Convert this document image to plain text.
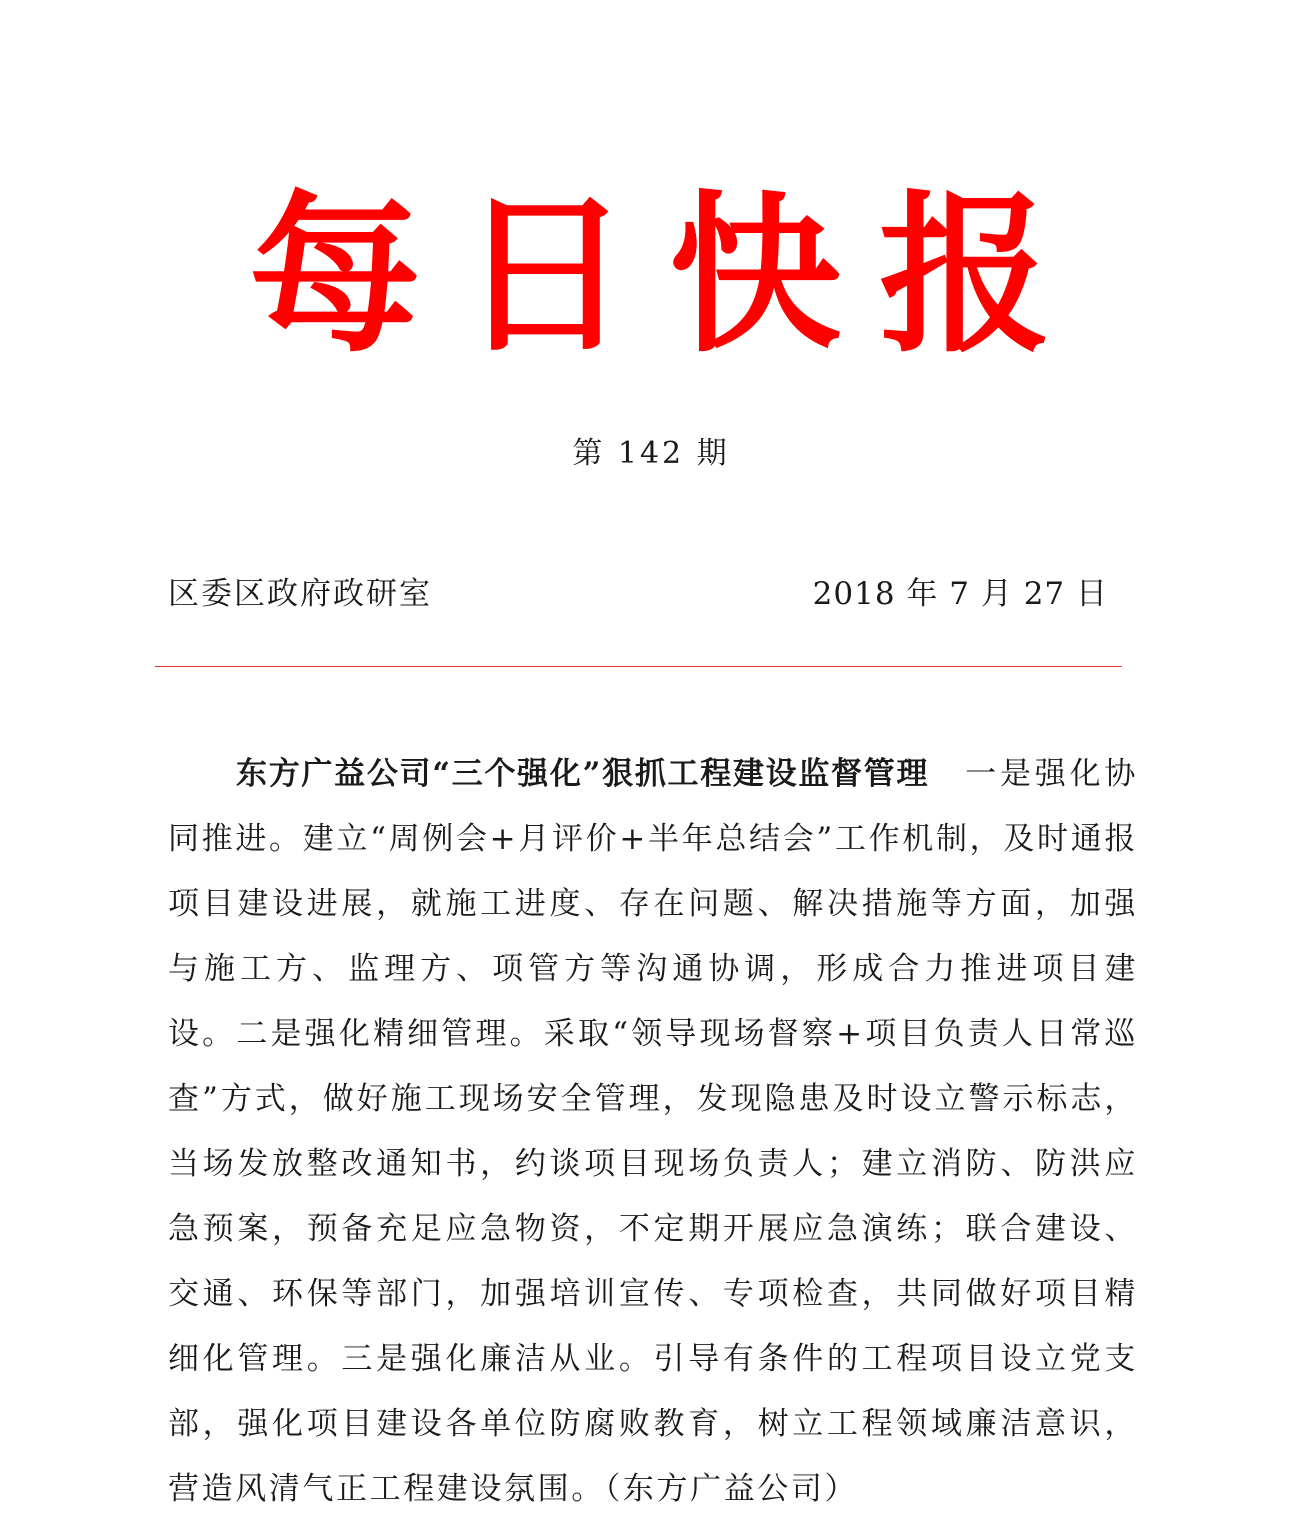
每 日 快 报
第 142 期
区委区政府政研室	2018 年 7 月 27 日

东方广益公司“三个强化”狠抓工程建设监督管理 一是强化协同推进。建立“周例会+月评价+半年总结会”工作机制，及时通报项目建设进展，就施工进度、存在问题、解决措施等方面，加强与施工方、监理方、项管方等沟通协调，形成合力推进项目建设。二是强化精细管理。采取“领导现场督察+项目负责人日常巡查”方式，做好施工现场安全管理，发现隐患及时设立警示标志，当场发放整改通知书，约谈项目现场负责人；建立消防、防洪应急预案，预备充足应急物资，不定期开展应急演练；联合建设、交通、环保等部门，加强培训宣传、专项检查，共同做好项目精细化管理。三是强化廉洁从业。引导有条件的工程项目设立党支部，强化项目建设各单位防腐败教育，树立工程领域廉洁意识，营造风清气正工程建设氛围。（东方广益公司）
